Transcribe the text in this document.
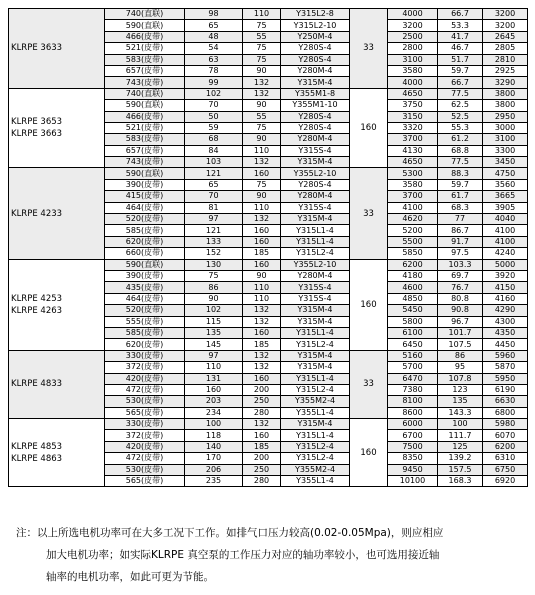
KLRPE 3633	740(直联)	98	110	Y315L2-8	33	4000	66.7	3200
	590(直联)	65	75	Y315L2-10		3200	53.3	3200
	466(皮带)	48	55	Y250M-4		2500	41.7	2645
	521(皮带)	54	75	Y280S-4		2800	46.7	2805
	583(皮带)	63	75	Y280S-4		3100	51.7	2810
	657(皮带)	78	90	Y280M-4		3580	59.7	2925
	743(皮带)	99	132	Y315M-4		4000	66.7	3290

KLRPE 3653
KLRPE 3663	740(直联)	102	132	Y355M1-8	160	4650	77.5	3800
	590(直联)	70	90	Y355M1-10		3750	62.5	3800
	466(皮带)	50	55	Y280S-4		3150	52.5	2950
	521(皮带)	59	75	Y280S-4		3320	55.3	3000
	583(皮带)	68	90	Y280M-4		3700	61.2	3100
	657(皮带)	84	110	Y315S-4		4130	68.8	3300
	743(皮带)	103	132	Y315M-4		4650	77.5	3450

KLRPE 4233	590(直联)	121	160	Y355L2-10	33	5300	88.3	4750
	390(皮带)	65	75	Y280S-4		3580	59.7	3560
	415(皮带)	70	90	Y280M-4		3700	61.7	3665
	464(皮带)	81	110	Y315S-4		4100	68.3	3905
	520(皮带)	97	132	Y315M-4		4620	77	4040
	585(皮带)	121	160	Y315L1-4		5200	86.7	4100
	620(皮带)	133	160	Y315L1-4		5500	91.7	4100
	660(皮带)	152	185	Y315L2-4		5850	97.5	4240

KLRPE 4253
KLRPE 4263	590(直联)	130	160	Y355L2-10	160	6200	103.3	5000
	390(皮带)	75	90	Y280M-4		4180	69.7	3920
	435(皮带)	86	110	Y315S-4		4600	76.7	4150
	464(皮带)	90	110	Y315S-4		4850	80.8	4160
	520(皮带)	102	132	Y315M-4		5450	90.8	4290
	555(皮带)	115	132	Y315M-4		5800	96.7	4300
	585(皮带)	135	160	Y315L1-4		6100	101.7	4350
	620(皮带)	145	185	Y315L2-4		6450	107.5	4450

KLRPE 4833	330(皮带)	97	132	Y315M-4	33	5160	86	5960
	372(皮带)	110	132	Y315M-4		5700	95	5870
	420(皮带)	131	160	Y315L1-4		6470	107.8	5950
	472(皮带)	160	200	Y315L2-4		7380	123	6190
	530(皮带)	203	250	Y355M2-4		8100	135	6630
	565(皮带)	234	280	Y355L1-4		8600	143.3	6800

KLRPE 4853
KLRPE 4863	330(皮带)	100	132	Y315M-4	160	6000	100	5980
	372(皮带)	118	160	Y315L1-4		6700	111.7	6070
	420(皮带)	140	185	Y315L2-4		7500	125	6200
	472(皮带)	170	200	Y315L2-4		8350	139.2	6310
	530(皮带)	206	250	Y355M2-4		9450	157.5	6750
	565(皮带)	235	280	Y355L1-4		10100	168.3	6920
注：以上所选电机功率可在大多工况下工作。如排气口压力较高(0.02-0.05Mpa)，则应相应
加大电机功率；如实际KLRPE 真空泵的工作压力对应的轴功率较小，也可选用接近轴
轴率的电机功率，如此可更为节能。
